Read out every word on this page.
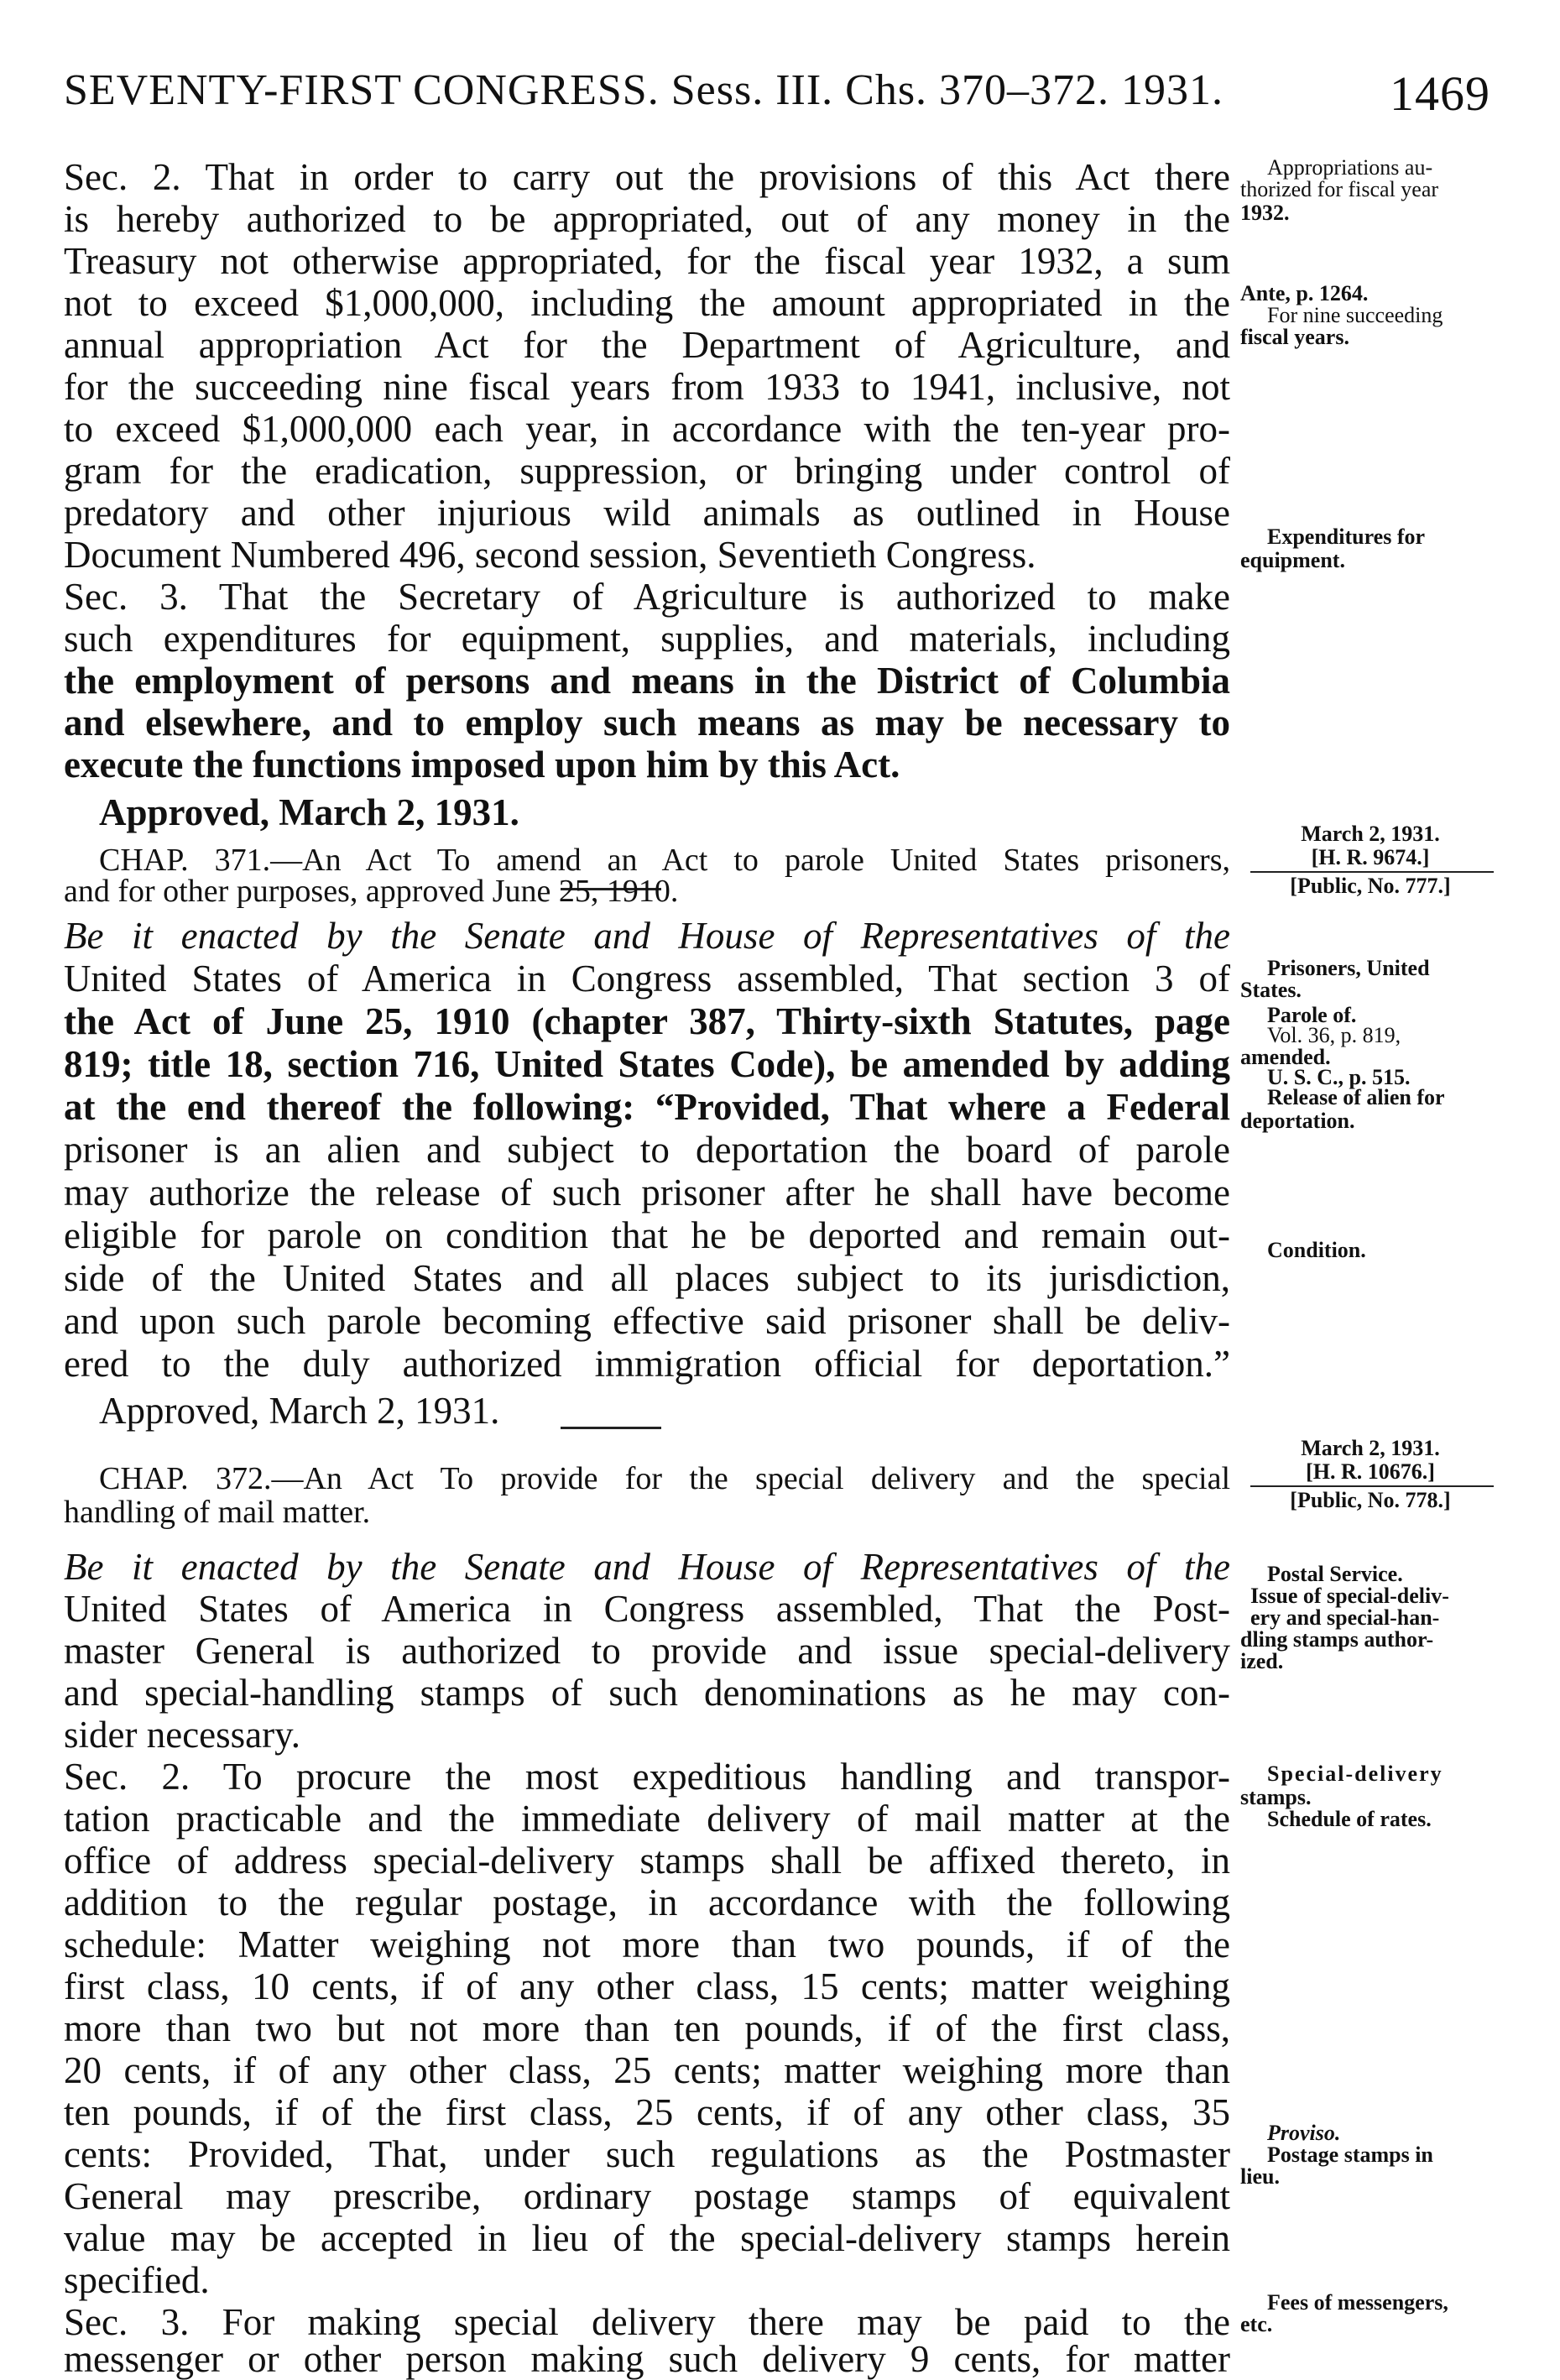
SEVENTY-FIRST CONGRESS. Sess. III. Chs. 370–372. 1931.	1469
Sec. 2. That in order to carry out the provisions of this Act there
is hereby authorized to be appropriated, out of any money in the
Treasury not otherwise appropriated, for the fiscal year 1932, a sum
not to exceed $1,000,000, including the amount appropriated in the
annual appropriation Act for the Department of Agriculture, and
for the succeeding nine fiscal years from 1933 to 1941, inclusive, not
to exceed $1,000,000 each year, in accordance with the ten-year pro-
gram for the eradication, suppression, or bringing under control of
predatory and other injurious wild animals as outlined in House
Document Numbered 496, second session, Seventieth Congress.
Sec. 3. That the Secretary of Agriculture is authorized to make
such expenditures for equipment, supplies, and materials, including
the employment of persons and means in the District of Columbia
and elsewhere, and to employ such means as may be necessary to
execute the functions imposed upon him by this Act.
Approved, March 2, 1931.
CHAP. 371.—An Act To amend an Act to parole United States prisoners,
and for other purposes, approved June 25, 1910.
Be it enacted by the Senate and House of Representatives of the
United States of America in Congress assembled, That section 3 of
the Act of June 25, 1910 (chapter 387, Thirty-sixth Statutes, page
819; title 18, section 716, United States Code), be amended by adding
at the end thereof the following: “Provided, That where a Federal
prisoner is an alien and subject to deportation the board of parole
may authorize the release of such prisoner after he shall have become
eligible for parole on condition that he be deported and remain out-
side of the United States and all places subject to its jurisdiction,
and upon such parole becoming effective said prisoner shall be deliv-
ered to the duly authorized immigration official for deportation.”
Approved, March 2, 1931.
CHAP. 372.—An Act To provide for the special delivery and the special
handling of mail matter.
Be it enacted by the Senate and House of Representatives of the
United States of America in Congress assembled, That the Post-
master General is authorized to provide and issue special-delivery
and special-handling stamps of such denominations as he may con-
sider necessary.
Sec. 2. To procure the most expeditious handling and transpor-
tation practicable and the immediate delivery of mail matter at the
office of address special-delivery stamps shall be affixed thereto, in
addition to the regular postage, in accordance with the following
schedule: Matter weighing not more than two pounds, if of the
first class, 10 cents, if of any other class, 15 cents; matter weighing
more than two but not more than ten pounds, if of the first class,
20 cents, if of any other class, 25 cents; matter weighing more than
ten pounds, if of the first class, 25 cents, if of any other class, 35
cents: Provided, That, under such regulations as the Postmaster
General may prescribe, ordinary postage stamps of equivalent
value may be accepted in lieu of the special-delivery stamps herein
specified.
Sec. 3. For making special delivery there may be paid to the
messenger or other person making such delivery 9 cents, for matter
Appropriations au-
thorized for fiscal year
1932.
Ante, p. 1264.
For nine succeeding
fiscal years.
Expenditures for
equipment.
March 2, 1931.
[H. R. 9674.]
[Public, No. 777.]
Prisoners, United
States.
Parole of.
Vol. 36, p. 819,
amended.
U. S. C., p. 515.
Release of alien for
deportation.
Condition.
March 2, 1931.
[H. R. 10676.]
[Public, No. 778.]
Postal Service.
Issue of special-deliv-
ery and special-han-
dling stamps author-
ized.
Special-delivery
stamps.
Schedule of rates.
Proviso.
Postage stamps in
lieu.
Fees of messengers,
etc.
